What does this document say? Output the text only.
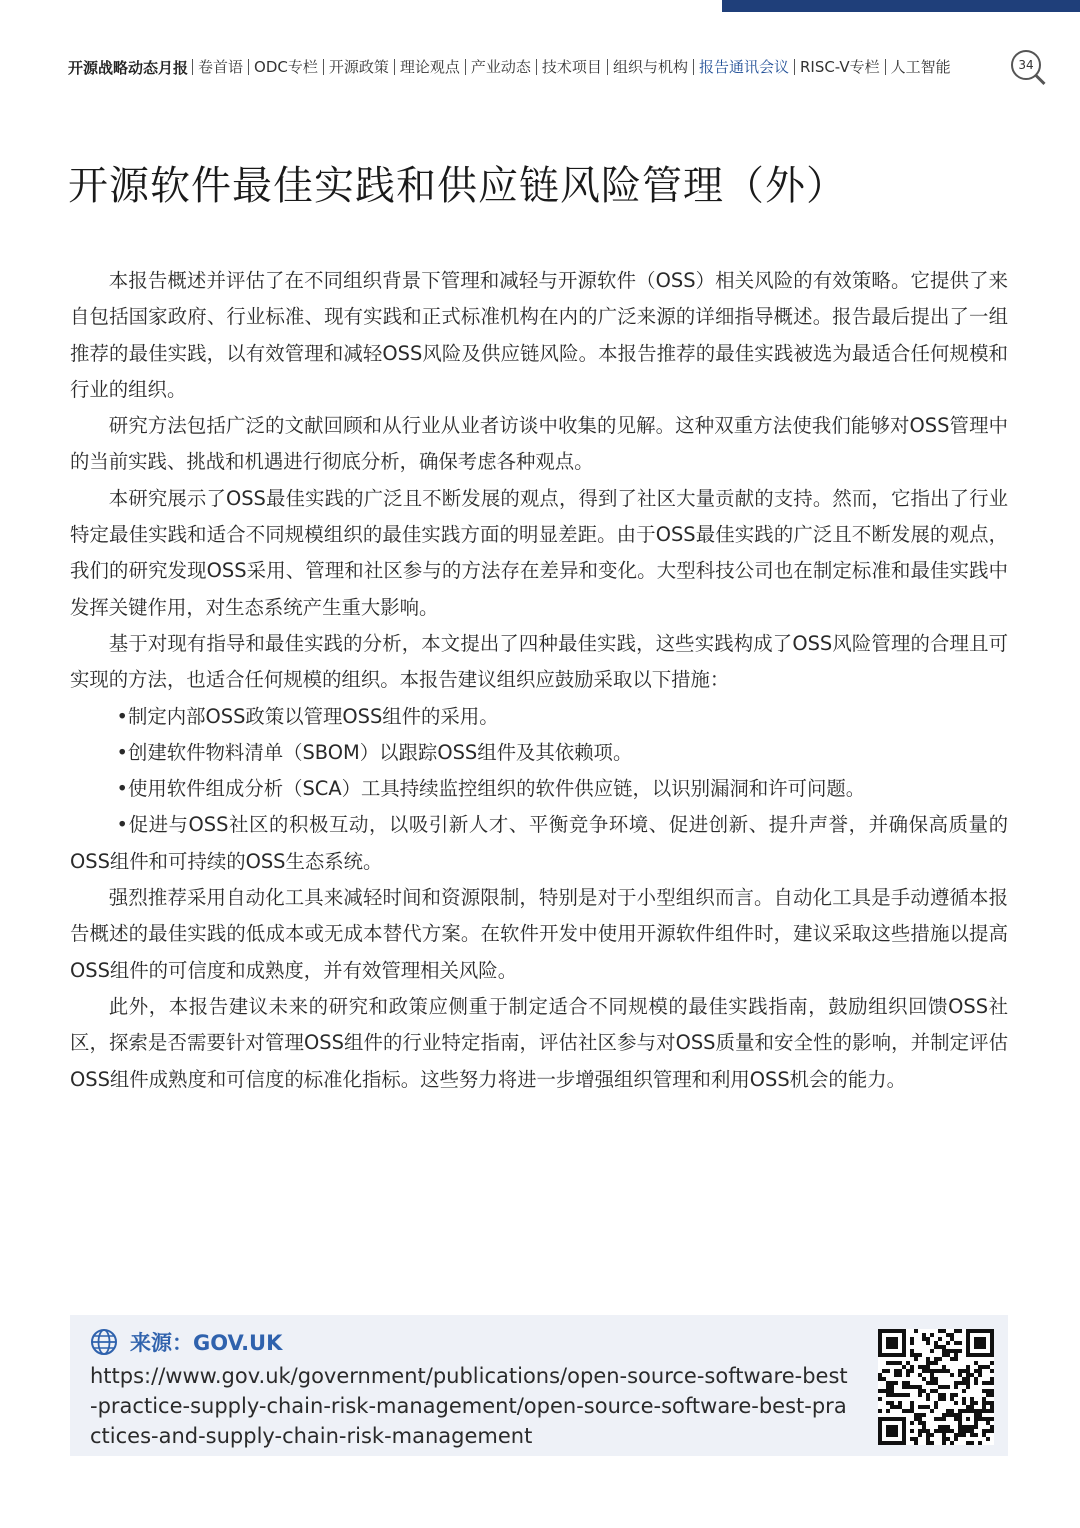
开源战略动态月报 卷首语 ODC专栏 开源政策 理论观点 产业动态 技术项目 组织与机构 报告通讯会议 RISC-V专栏 人工智能	34
开源软件最佳实践和供应链风险管理（外）

本报告概述并评估了在不同组织背景下管理和减轻与开源软件（OSS）相关风险的有效策略。它提供了来自包括国家政府、行业标准、现有实践和正式标准机构在内的广泛来源的详细指导概述。报告最后提出了一组推荐的最佳实践，以有效管理和减轻OSS风险及供应链风险。本报告推荐的最佳实践被选为最适合任何规模和行业的组织。

研究方法包括广泛的文献回顾和从行业从业者访谈中收集的见解。这种双重方法使我们能够对OSS管理中的当前实践、挑战和机遇进行彻底分析，确保考虑各种观点。

本研究展示了OSS最佳实践的广泛且不断发展的观点，得到了社区大量贡献的支持。然而，它指出了行业特定最佳实践和适合不同规模组织的最佳实践方面的明显差距。由于OSS最佳实践的广泛且不断发展的观点，我们的研究发现OSS采用、管理和社区参与的方法存在差异和变化。大型科技公司也在制定标准和最佳实践中发挥关键作用，对生态系统产生重大影响。

基于对现有指导和最佳实践的分析，本文提出了四种最佳实践，这些实践构成了OSS风险管理的合理且可实现的方法，也适合任何规模的组织。本报告建议组织应鼓励采取以下措施：

•制定内部OSS政策以管理OSS组件的采用。

•创建软件物料清单（SBOM）以跟踪OSS组件及其依赖项。

•使用软件组成分析（SCA）工具持续监控组织的软件供应链，以识别漏洞和许可问题。

•促进与OSS社区的积极互动，以吸引新人才、平衡竞争环境、促进创新、提升声誉，并确保高质量的OSS组件和可持续的OSS生态系统。

强烈推荐采用自动化工具来减轻时间和资源限制，特别是对于小型组织而言。自动化工具是手动遵循本报告概述的最佳实践的低成本或无成本替代方案。在软件开发中使用开源软件组件时，建议采取这些措施以提高OSS组件的可信度和成熟度，并有效管理相关风险。

此外，本报告建议未来的研究和政策应侧重于制定适合不同规模的最佳实践指南，鼓励组织回馈OSS社区，探索是否需要针对管理OSS组件的行业特定指南，评估社区参与对OSS质量和安全性的影响，并制定评估OSS组件成熟度和可信度的标准化指标。这些努力将进一步增强组织管理和利用OSS机会的能力。

来源：GOV.UK
https://www.gov.uk/government/publications/open-source-software-best-practice-supply-chain-risk-management/open-source-software-best-practices-and-supply-chain-risk-management
